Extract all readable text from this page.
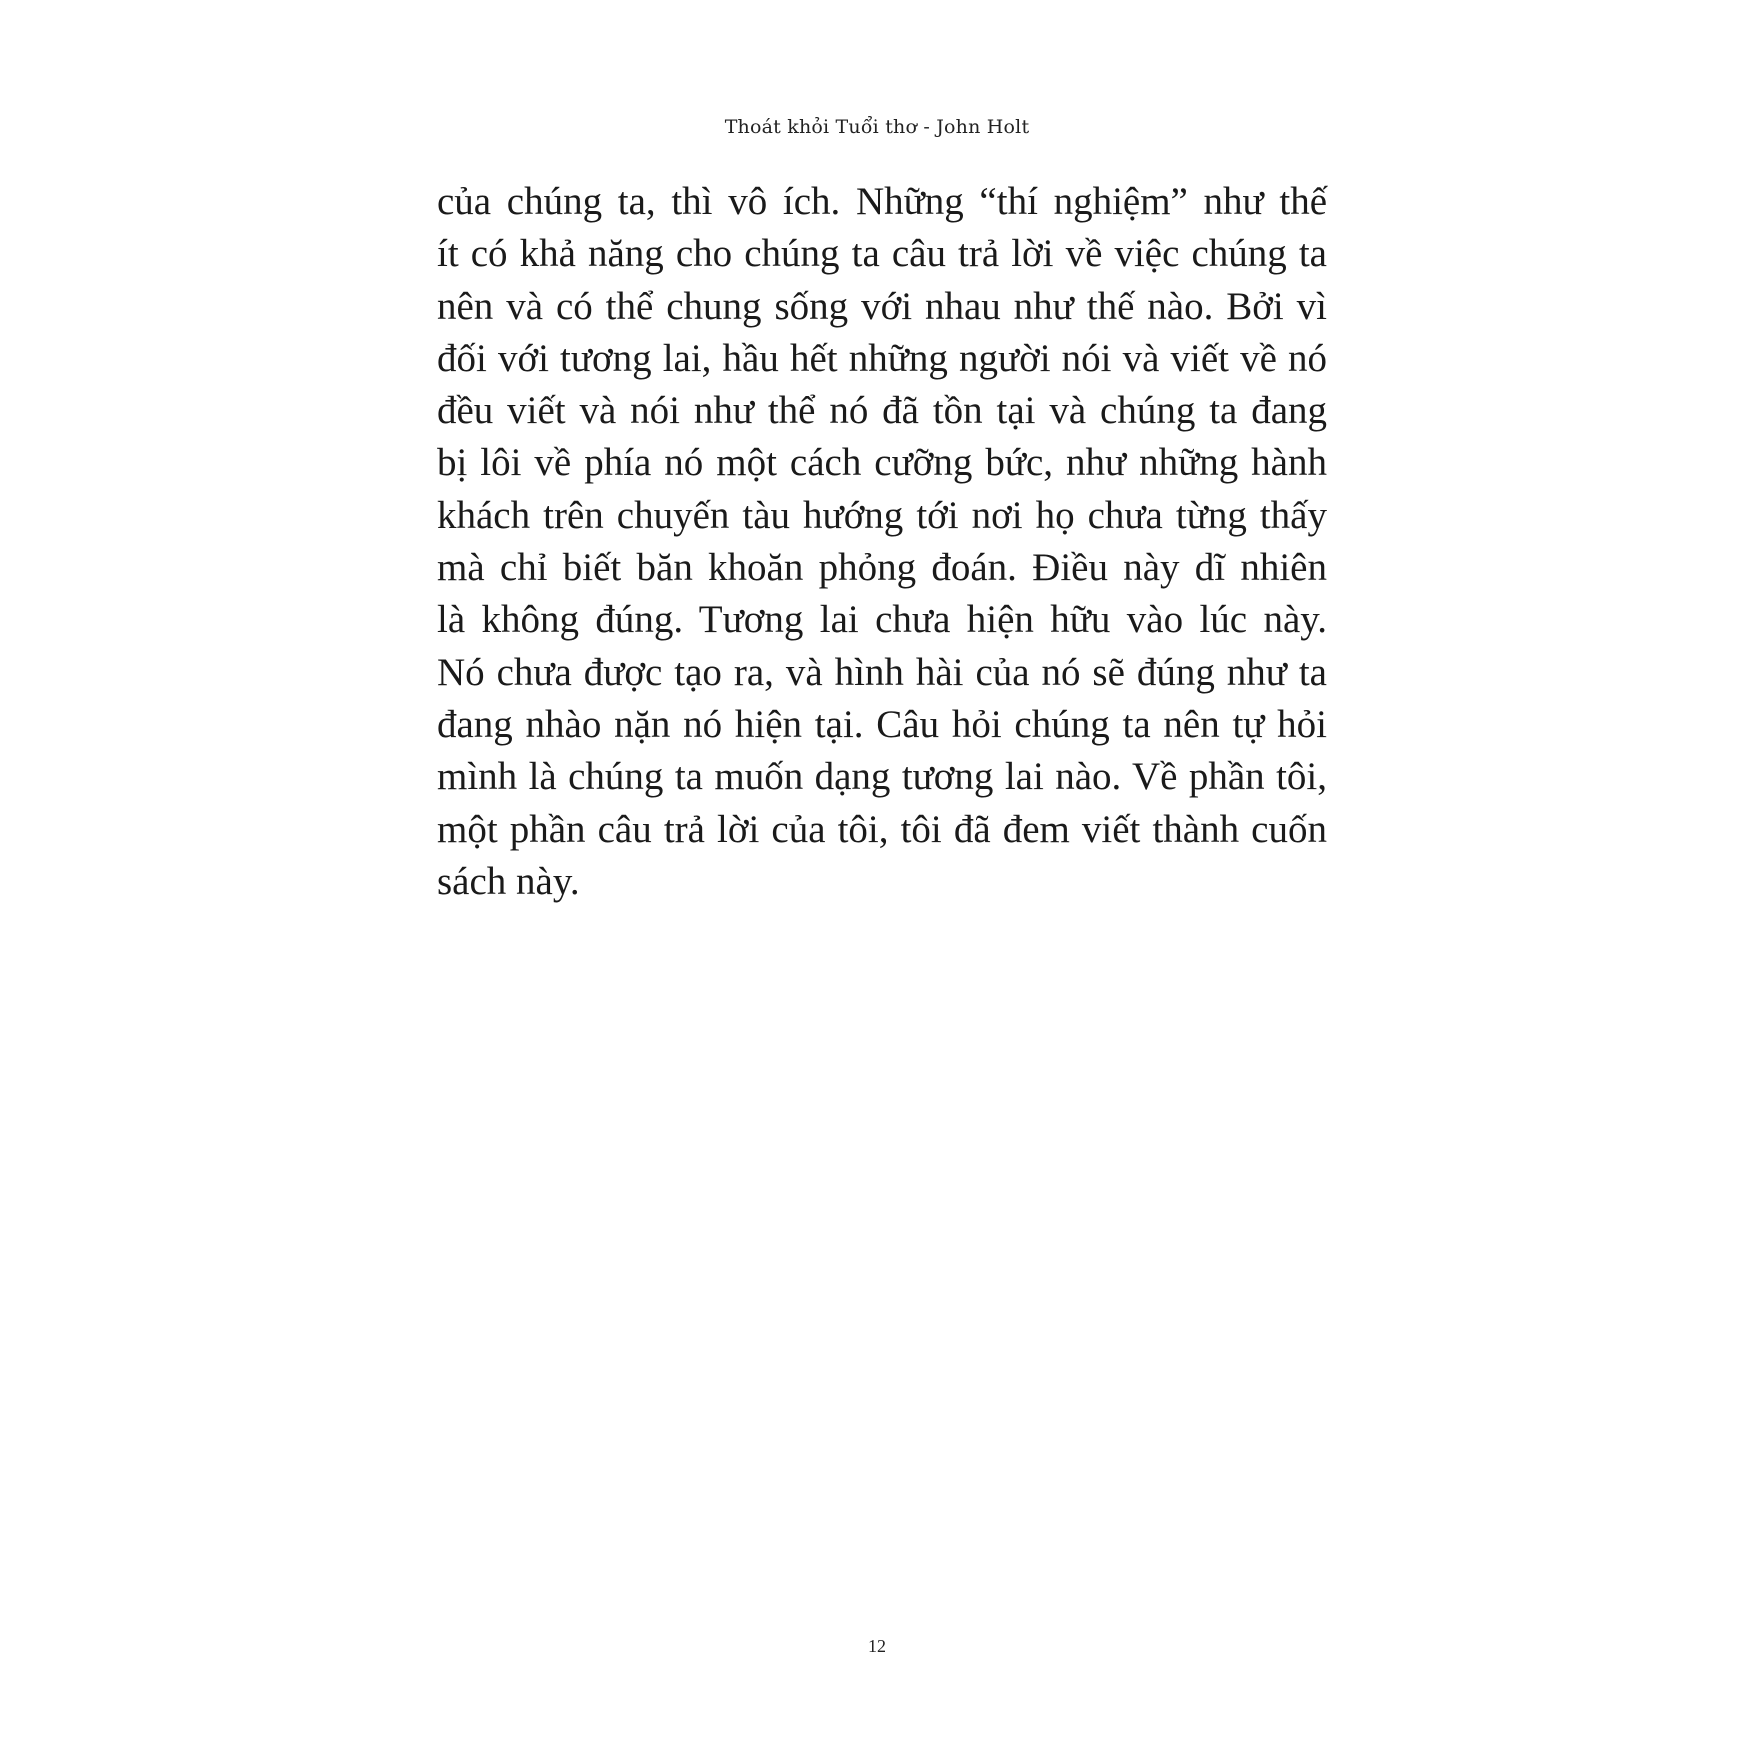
Thoát khỏi Tuổi thơ - John Holt
của chúng ta, thì vô ích. Những “thí nghiệm” như thế
ít có khả năng cho chúng ta câu trả lời về việc chúng ta
nên và có thể chung sống với nhau như thế nào. Bởi vì
đối với tương lai, hầu hết những người nói và viết về nó
đều viết và nói như thể nó đã tồn tại và chúng ta đang
bị lôi về phía nó một cách cưỡng bức, như những hành
khách trên chuyến tàu hướng tới nơi họ chưa từng thấy
mà chỉ biết băn khoăn phỏng đoán. Điều này dĩ nhiên
là không đúng. Tương lai chưa hiện hữu vào lúc này.
Nó chưa được tạo ra, và hình hài của nó sẽ đúng như ta
đang nhào nặn nó hiện tại. Câu hỏi chúng ta nên tự hỏi
mình là chúng ta muốn dạng tương lai nào. Về phần tôi,
một phần câu trả lời của tôi, tôi đã đem viết thành cuốn
sách này.
12
